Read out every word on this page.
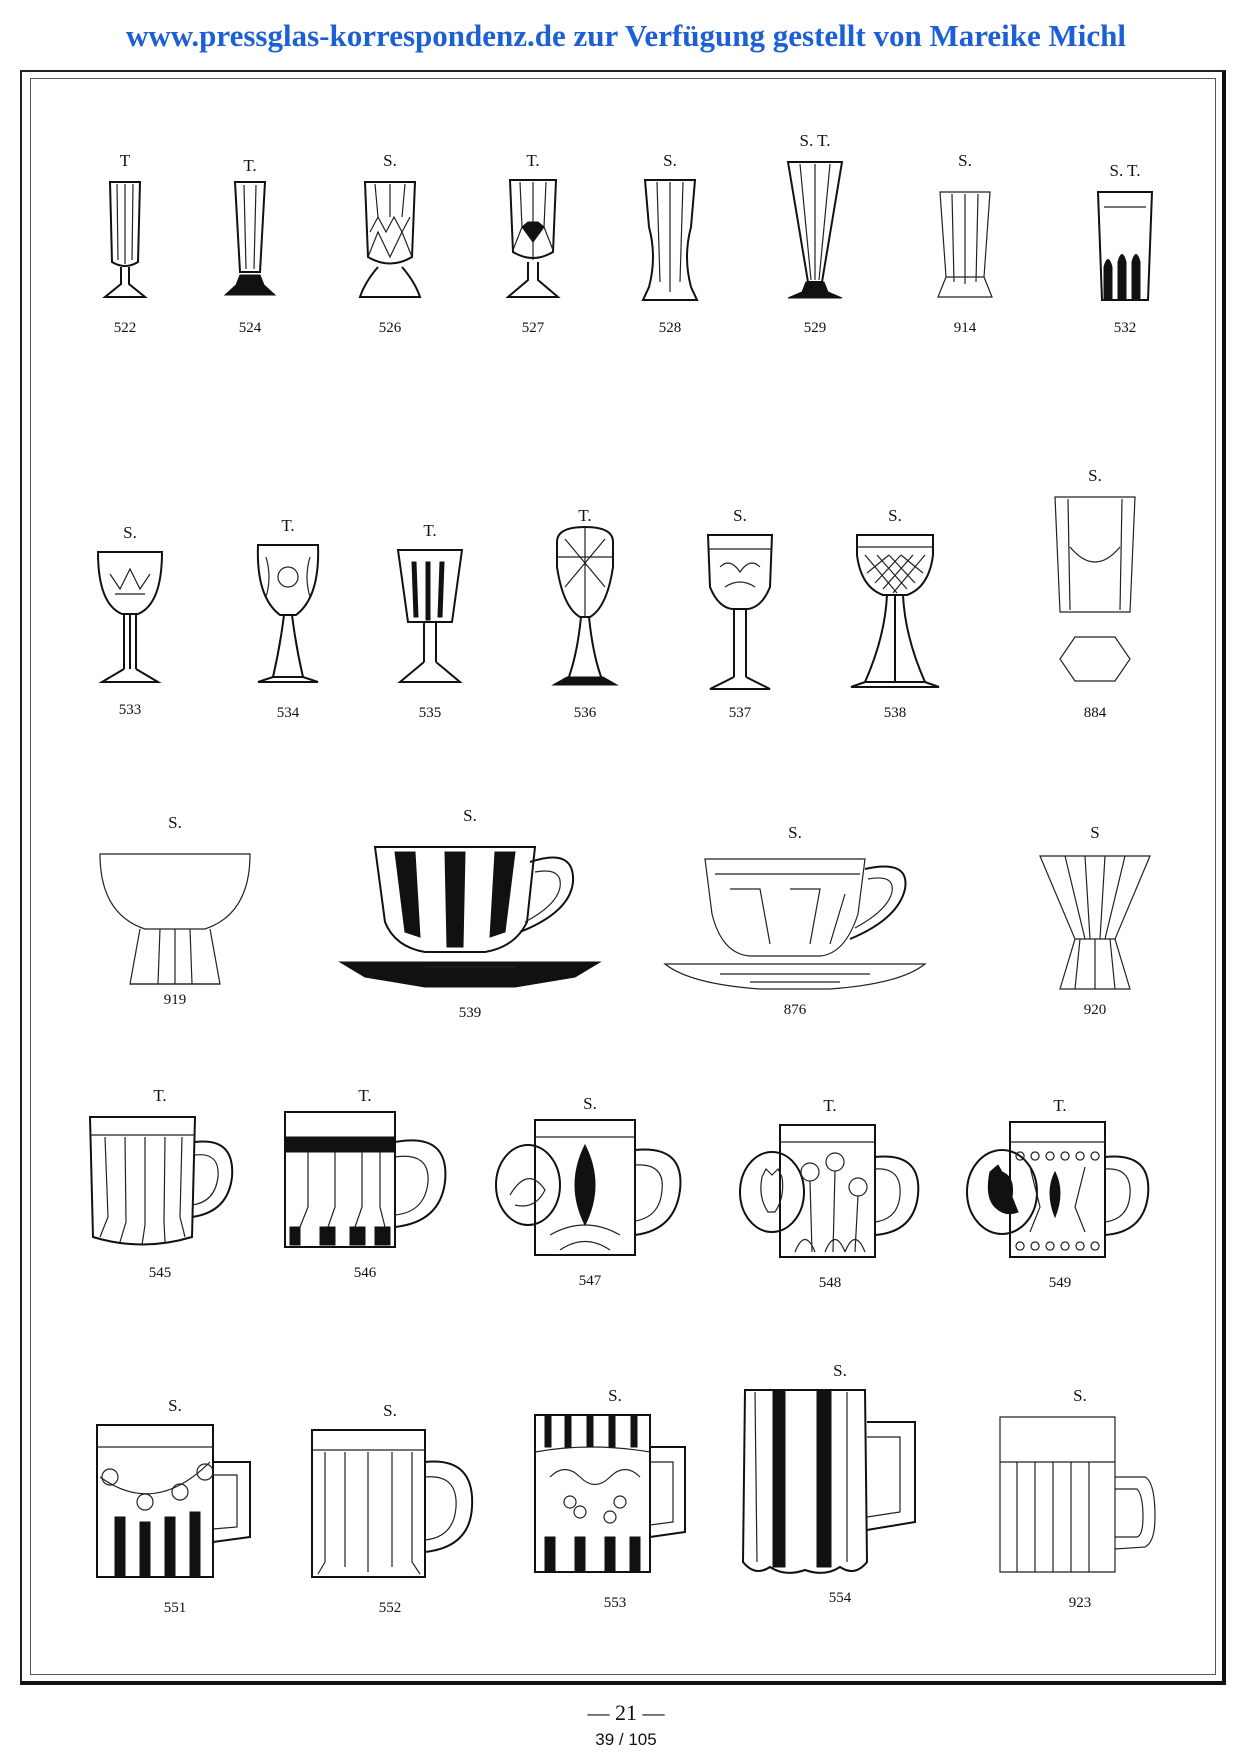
www.pressglas-korrespondenz.de zur Verfügung gestellt von Mareike Michl
T
522
T.
524
S.
526
T.
527
S.
528
S. T.
529
S.
914
S. T.
532
S.
533
T.
534
T.
535
T.
536
S.
537
S.
538
S.
884
S.
919
S.
539
S.
876
S
920
T.
545
T.
546
S.
547
T.
548
T.
549
S.
551
S.
552
S.
553
S.
554
S.
923
— 21 —
39 / 105
